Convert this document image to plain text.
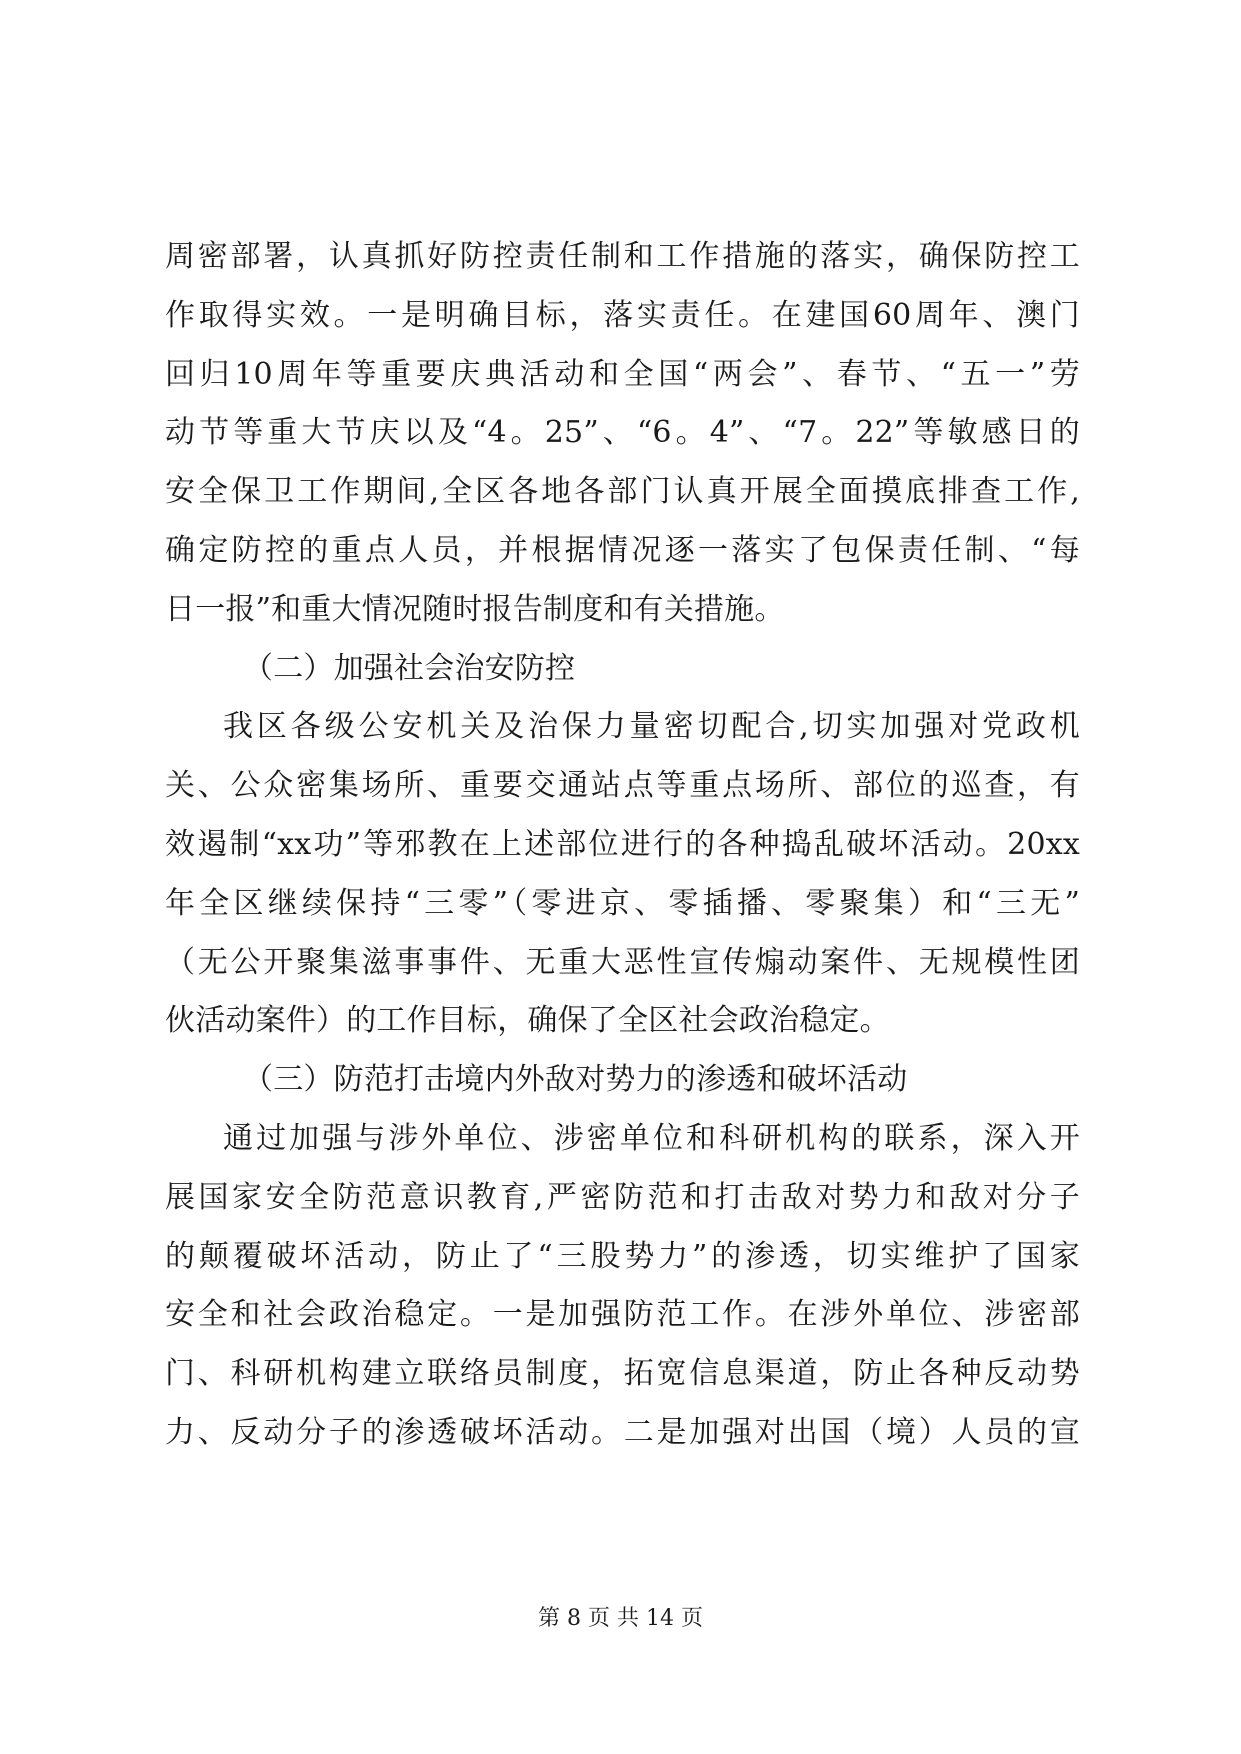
周密部署，认真抓好防控责任制和工作措施的落实，确保防控工
作取得实效。一是明确目标，落实责任。在建国60周年、澳门
回归10周年等重要庆典活动和全国“两会”、春节、“五一”劳
动节等重大节庆以及“4。25”、“6。4”、“7。22”等敏感日的
安全保卫工作期间,全区各地各部门认真开展全面摸底排查工作,
确定防控的重点人员，并根据情况逐一落实了包保责任制、“每
日一报”和重大情况随时报告制度和有关措施。
（二）加强社会治安防控
我区各级公安机关及治保力量密切配合,切实加强对党政机
关、公众密集场所、重要交通站点等重点场所、部位的巡查，有
效遏制“xx功”等邪教在上述部位进行的各种捣乱破坏活动。20xx
年全区继续保持“三零”（零进京、零插播、零聚集）和“三无”
（无公开聚集滋事事件、无重大恶性宣传煽动案件、无规模性团
伙活动案件）的工作目标，确保了全区社会政治稳定。
（三）防范打击境内外敌对势力的渗透和破坏活动
通过加强与涉外单位、涉密单位和科研机构的联系，深入开
展国家安全防范意识教育,严密防范和打击敌对势力和敌对分子
的颠覆破坏活动，防止了“三股势力”的渗透，切实维护了国家
安全和社会政治稳定。一是加强防范工作。在涉外单位、涉密部
门、科研机构建立联络员制度，拓宽信息渠道，防止各种反动势
力、反动分子的渗透破坏活动。二是加强对出国（境）人员的宣
第 8 页 共 14 页
